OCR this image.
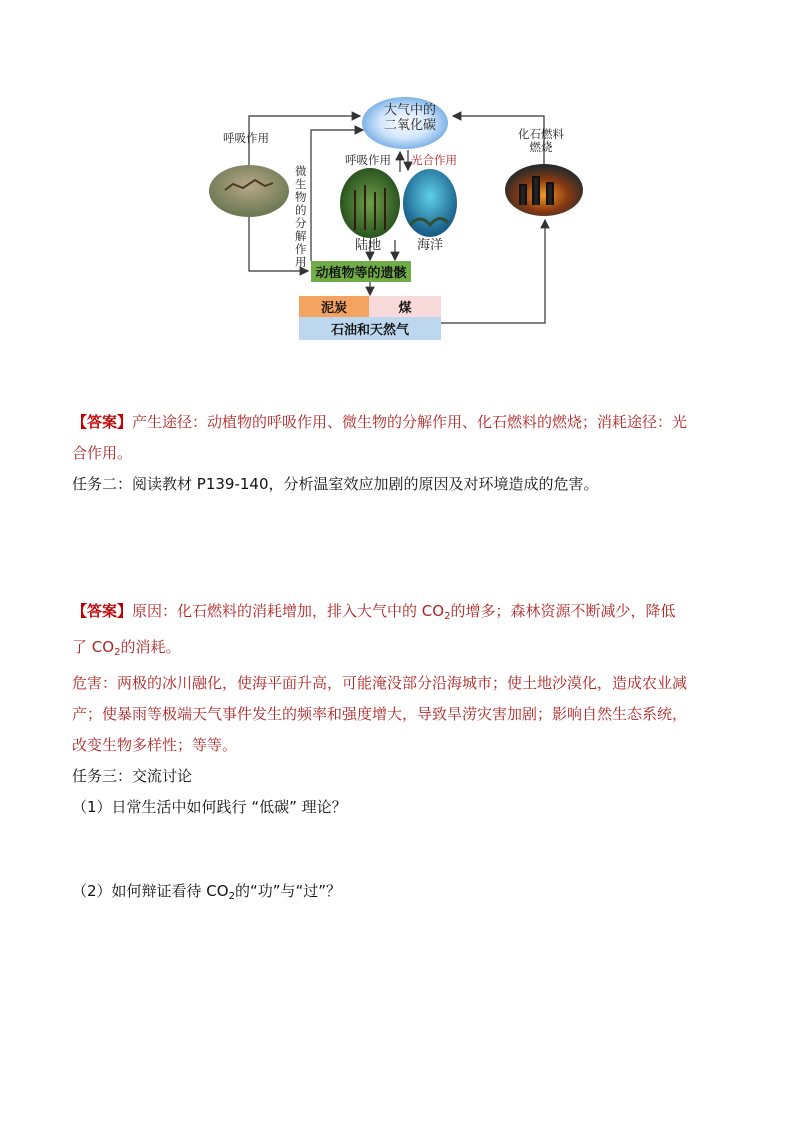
大气中的
二氧化碳
呼吸作用
微生物的分解作用
呼吸作用 光合作用
陆地	海洋
化石燃料
燃烧
动植物等的遗骸
泥炭	煤
石油和天然气
【答案】产生途径：动植物的呼吸作用、微生物的分解作用、化石燃料的燃烧；消耗途径：光
合作用。
任务二：阅读教材 P139-140，分析温室效应加剧的原因及对环境造成的危害。
【答案】原因：化石燃料的消耗增加，排入大气中的 $CO_2$的增多；森林资源不断减少，降低
了 $CO_2$的消耗。
危害：两极的冰川融化，使海平面升高，可能淹没部分沿海城市；使土地沙漠化，造成农业减
产；使暴雨等极端天气事件发生的频率和强度增大，导致旱涝灾害加剧；影响自然生态系统，
改变生物多样性；等等。
任务三：交流讨论
（1）日常生活中如何践行 “低碳” 理论？
（2）如何辩证看待 $CO_2$的“功”与“过”？
